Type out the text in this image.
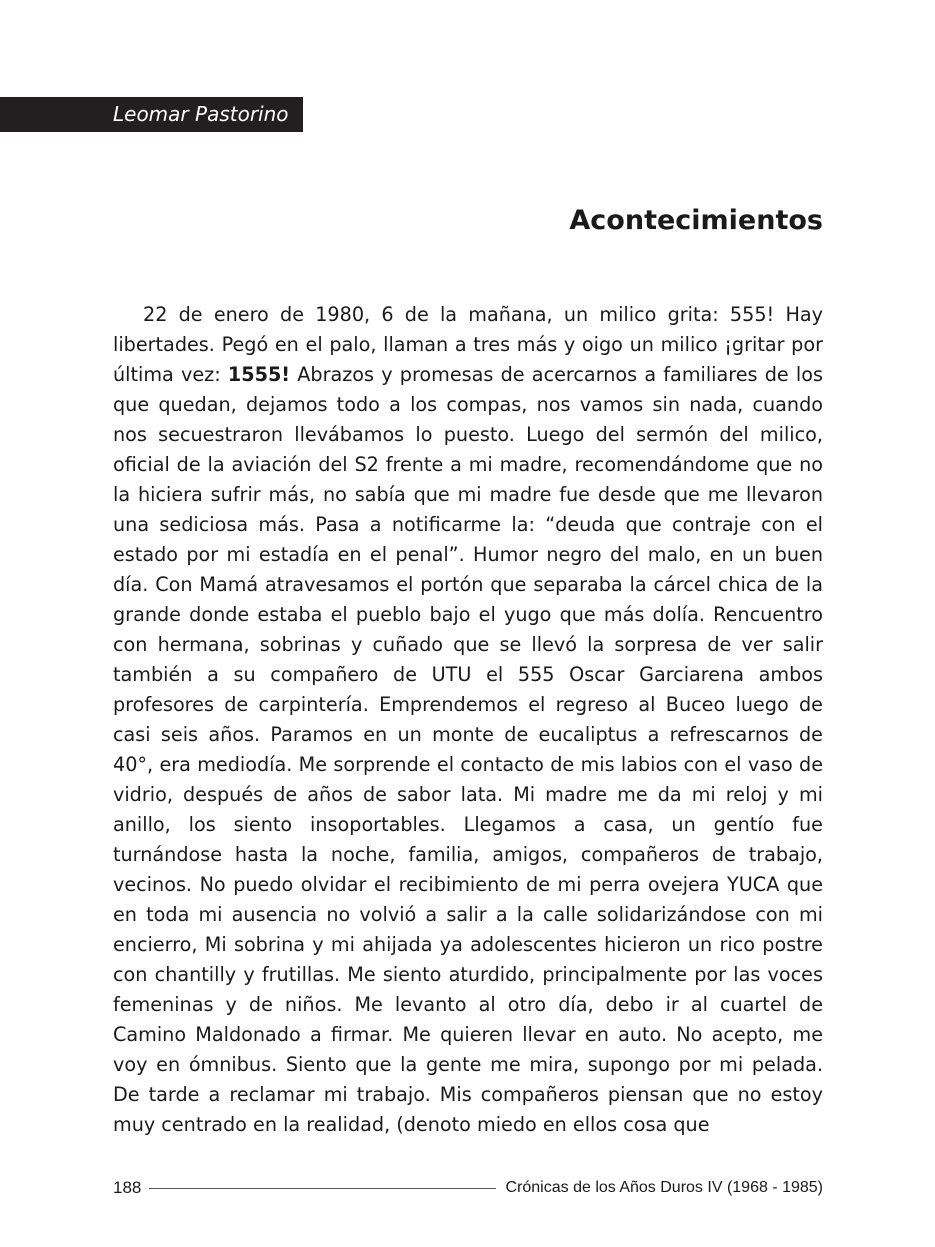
Leomar Pastorino
Acontecimientos

22 de enero de 1980, 6 de la mañana, un milico grita: 555! Hay libertades. Pegó en el palo, llaman a tres más y oigo un milico ¡gritar por última vez: 1555! Abrazos y promesas de acercarnos a familiares de los que quedan, dejamos todo a los compas, nos vamos sin nada, cuando nos secuestraron llevábamos lo puesto. Luego del sermón del milico, oficial de la aviación del S2 frente a mi madre, recomendándome que no la hiciera sufrir más, no sabía que mi madre fue desde que me llevaron una sediciosa más. Pasa a notificarme la: “deuda que contraje con el estado por mi estadía en el penal”. Humor negro del malo, en un buen día. Con Mamá atravesamos el portón que separaba la cárcel chica de la grande donde estaba el pueblo bajo el yugo que más dolía. Rencuentro con hermana, sobrinas y cuñado que se llevó la sorpresa de ver salir también a su compañero de UTU el 555 Oscar Garciarena ambos profesores de carpintería. Emprendemos el regreso al Buceo luego de casi seis años. Paramos en un monte de eucaliptus a refrescarnos de 40°, era mediodía. Me sorprende el contacto de mis labios con el vaso de vidrio, después de años de sabor lata. Mi madre me da mi reloj y mi anillo, los siento insoportables. Llegamos a casa, un gentío fue turnándose hasta la noche, familia, amigos, compañeros de trabajo, vecinos. No puedo olvidar el recibimiento de mi perra ovejera YUCA que en toda mi ausencia no volvió a salir a la calle solidarizándose con mi encierro, Mi sobrina y mi ahijada ya adolescentes hicieron un rico postre con chantilly y frutillas. Me siento aturdido, principalmente por las voces femeninas y de niños. Me levanto al otro día, debo ir al cuartel de Camino Maldonado a firmar. Me quieren llevar en auto. No acepto, me voy en ómnibus. Siento que la gente me mira, supongo por mi pelada. De tarde a reclamar mi trabajo. Mis compañeros piensan que no estoy muy centrado en la realidad, (denoto miedo en ellos cosa que

188	Crónicas de los Años Duros IV (1968 - 1985)
